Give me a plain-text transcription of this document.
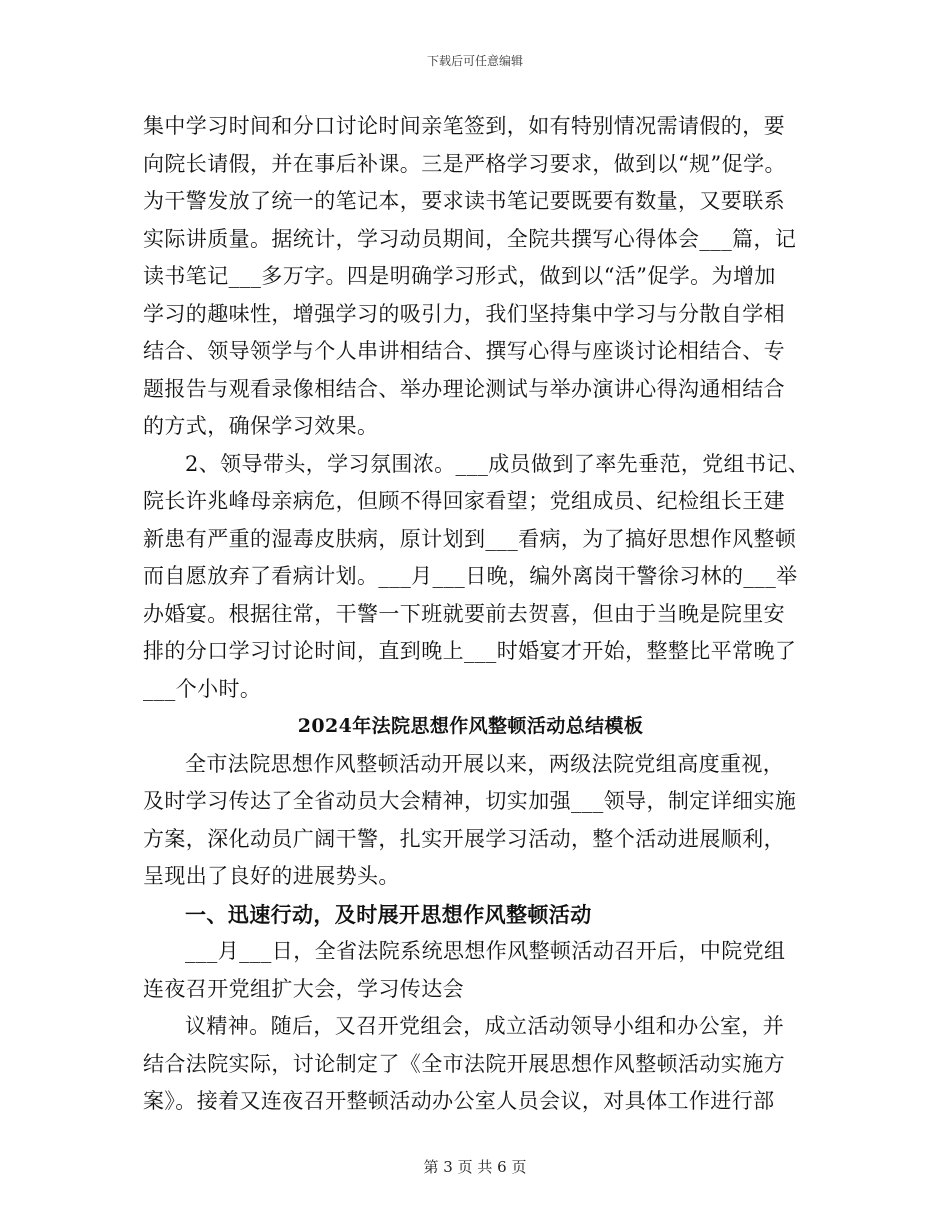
下载后可任意编辑
集中学习时间和分口讨论时间亲笔签到，如有特别情况需请假的，要
向院长请假，并在事后补课。三是严格学习要求，做到以“规”促学。
为干警发放了统一的笔记本，要求读书笔记要既要有数量，又要联系
实际讲质量。据统计，学习动员期间，全院共撰写心得体会___篇，记
读书笔记___多万字。四是明确学习形式，做到以“活”促学。为增加
学习的趣味性，增强学习的吸引力，我们坚持集中学习与分散自学相
结合、领导领学与个人串讲相结合、撰写心得与座谈讨论相结合、专
题报告与观看录像相结合、举办理论测试与举办演讲心得沟通相结合
的方式，确保学习效果。
2、领导带头，学习氛围浓。___成员做到了率先垂范，党组书记、
院长许兆峰母亲病危，但顾不得回家看望；党组成员、纪检组长王建
新患有严重的湿毒皮肤病，原计划到___看病，为了搞好思想作风整顿
而自愿放弃了看病计划。___月___日晚，编外离岗干警徐习林的___举
办婚宴。根据往常，干警一下班就要前去贺喜，但由于当晚是院里安
排的分口学习讨论时间，直到晚上___时婚宴才开始，整整比平常晚了
___个小时。
2024年法院思想作风整顿活动总结模板
全市法院思想作风整顿活动开展以来，两级法院党组高度重视，
及时学习传达了全省动员大会精神，切实加强___领导，制定详细实施
方案，深化动员广阔干警，扎实开展学习活动，整个活动进展顺利，
呈现出了良好的进展势头。
一、迅速行动，及时展开思想作风整顿活动
___月___日，全省法院系统思想作风整顿活动召开后，中院党组
连夜召开党组扩大会，学习传达会
议精神。随后，又召开党组会，成立活动领导小组和办公室，并
结合法院实际，讨论制定了《全市法院开展思想作风整顿活动实施方
案》。接着又连夜召开整顿活动办公室人员会议，对具体工作进行部
第 3 页 共 6 页
